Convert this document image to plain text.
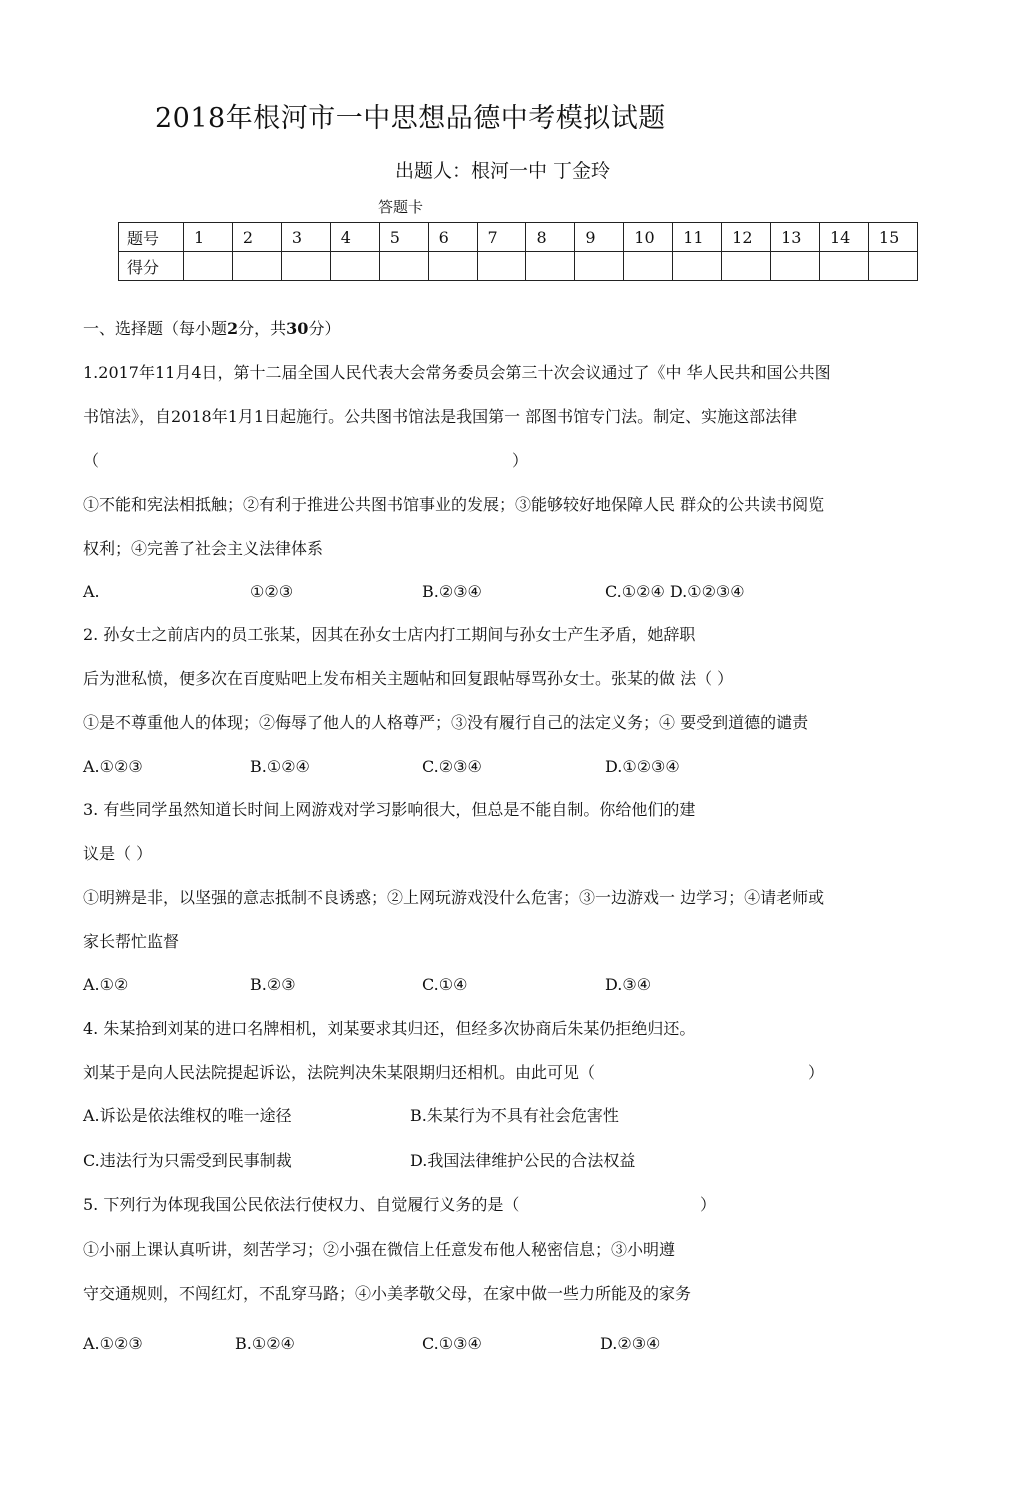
2018年根河市一中思想品德中考模拟试题
出题人：根河一中 丁金玲
答题卡
题号	1	2	3	4	5	6	7	8	9	10	11	12	13	14	15
得分															
一、选择题（每小题2分，共30分）
1.2017年11月4日，第十二届全国人民代表大会常务委员会第三十次会议通过了《中 华人民共和国公共图
书馆法》，自2018年1月1日起施行。公共图书馆法是我国第一 部图书馆专门法。制定、实施这部法律
（	）
①不能和宪法相抵触；②有利于推进公共图书馆事业的发展；③能够较好地保障人民 群众的公共读书阅览
权利；④完善了社会主义法律体系
A.	①②③	B.②③④	C.①②④ D.①②③④
2. 孙女士之前店内的员工张某，因其在孙女士店内打工期间与孙女士产生矛盾，她辞职
后为泄私愤，便多次在百度贴吧上发布相关主题帖和回复跟帖辱骂孙女士。张某的做 法（ ）
①是不尊重他人的体现；②侮辱了他人的人格尊严；③没有履行自己的法定义务；④ 要受到道德的谴责
A.①②③	B.①②④	C.②③④	D.①②③④
3. 有些同学虽然知道长时间上网游戏对学习影响很大，但总是不能自制。你给他们的建
议是（ ）
①明辨是非，以坚强的意志抵制不良诱惑；②上网玩游戏没什么危害；③一边游戏一 边学习；④请老师或
家长帮忙监督
A.①②	B.②③	C.①④	D.③④
4. 朱某拾到刘某的进口名牌相机，刘某要求其归还，但经多次协商后朱某仍拒绝归还。
刘某于是向人民法院提起诉讼，法院判决朱某限期归还相机。由此可见（	）
A.诉讼是依法维权的唯一途径	B.朱某行为不具有社会危害性
C.违法行为只需受到民事制裁	D.我国法律维护公民的合法权益
5. 下列行为体现我国公民依法行使权力、自觉履行义务的是（	）
①小丽上课认真听讲，刻苦学习；②小强在微信上任意发布他人秘密信息；③小明遵
守交通规则，不闯红灯，不乱穿马路；④小美孝敬父母，在家中做一些力所能及的家务
A.①②③	B.①②④	C.①③④	D.②③④
